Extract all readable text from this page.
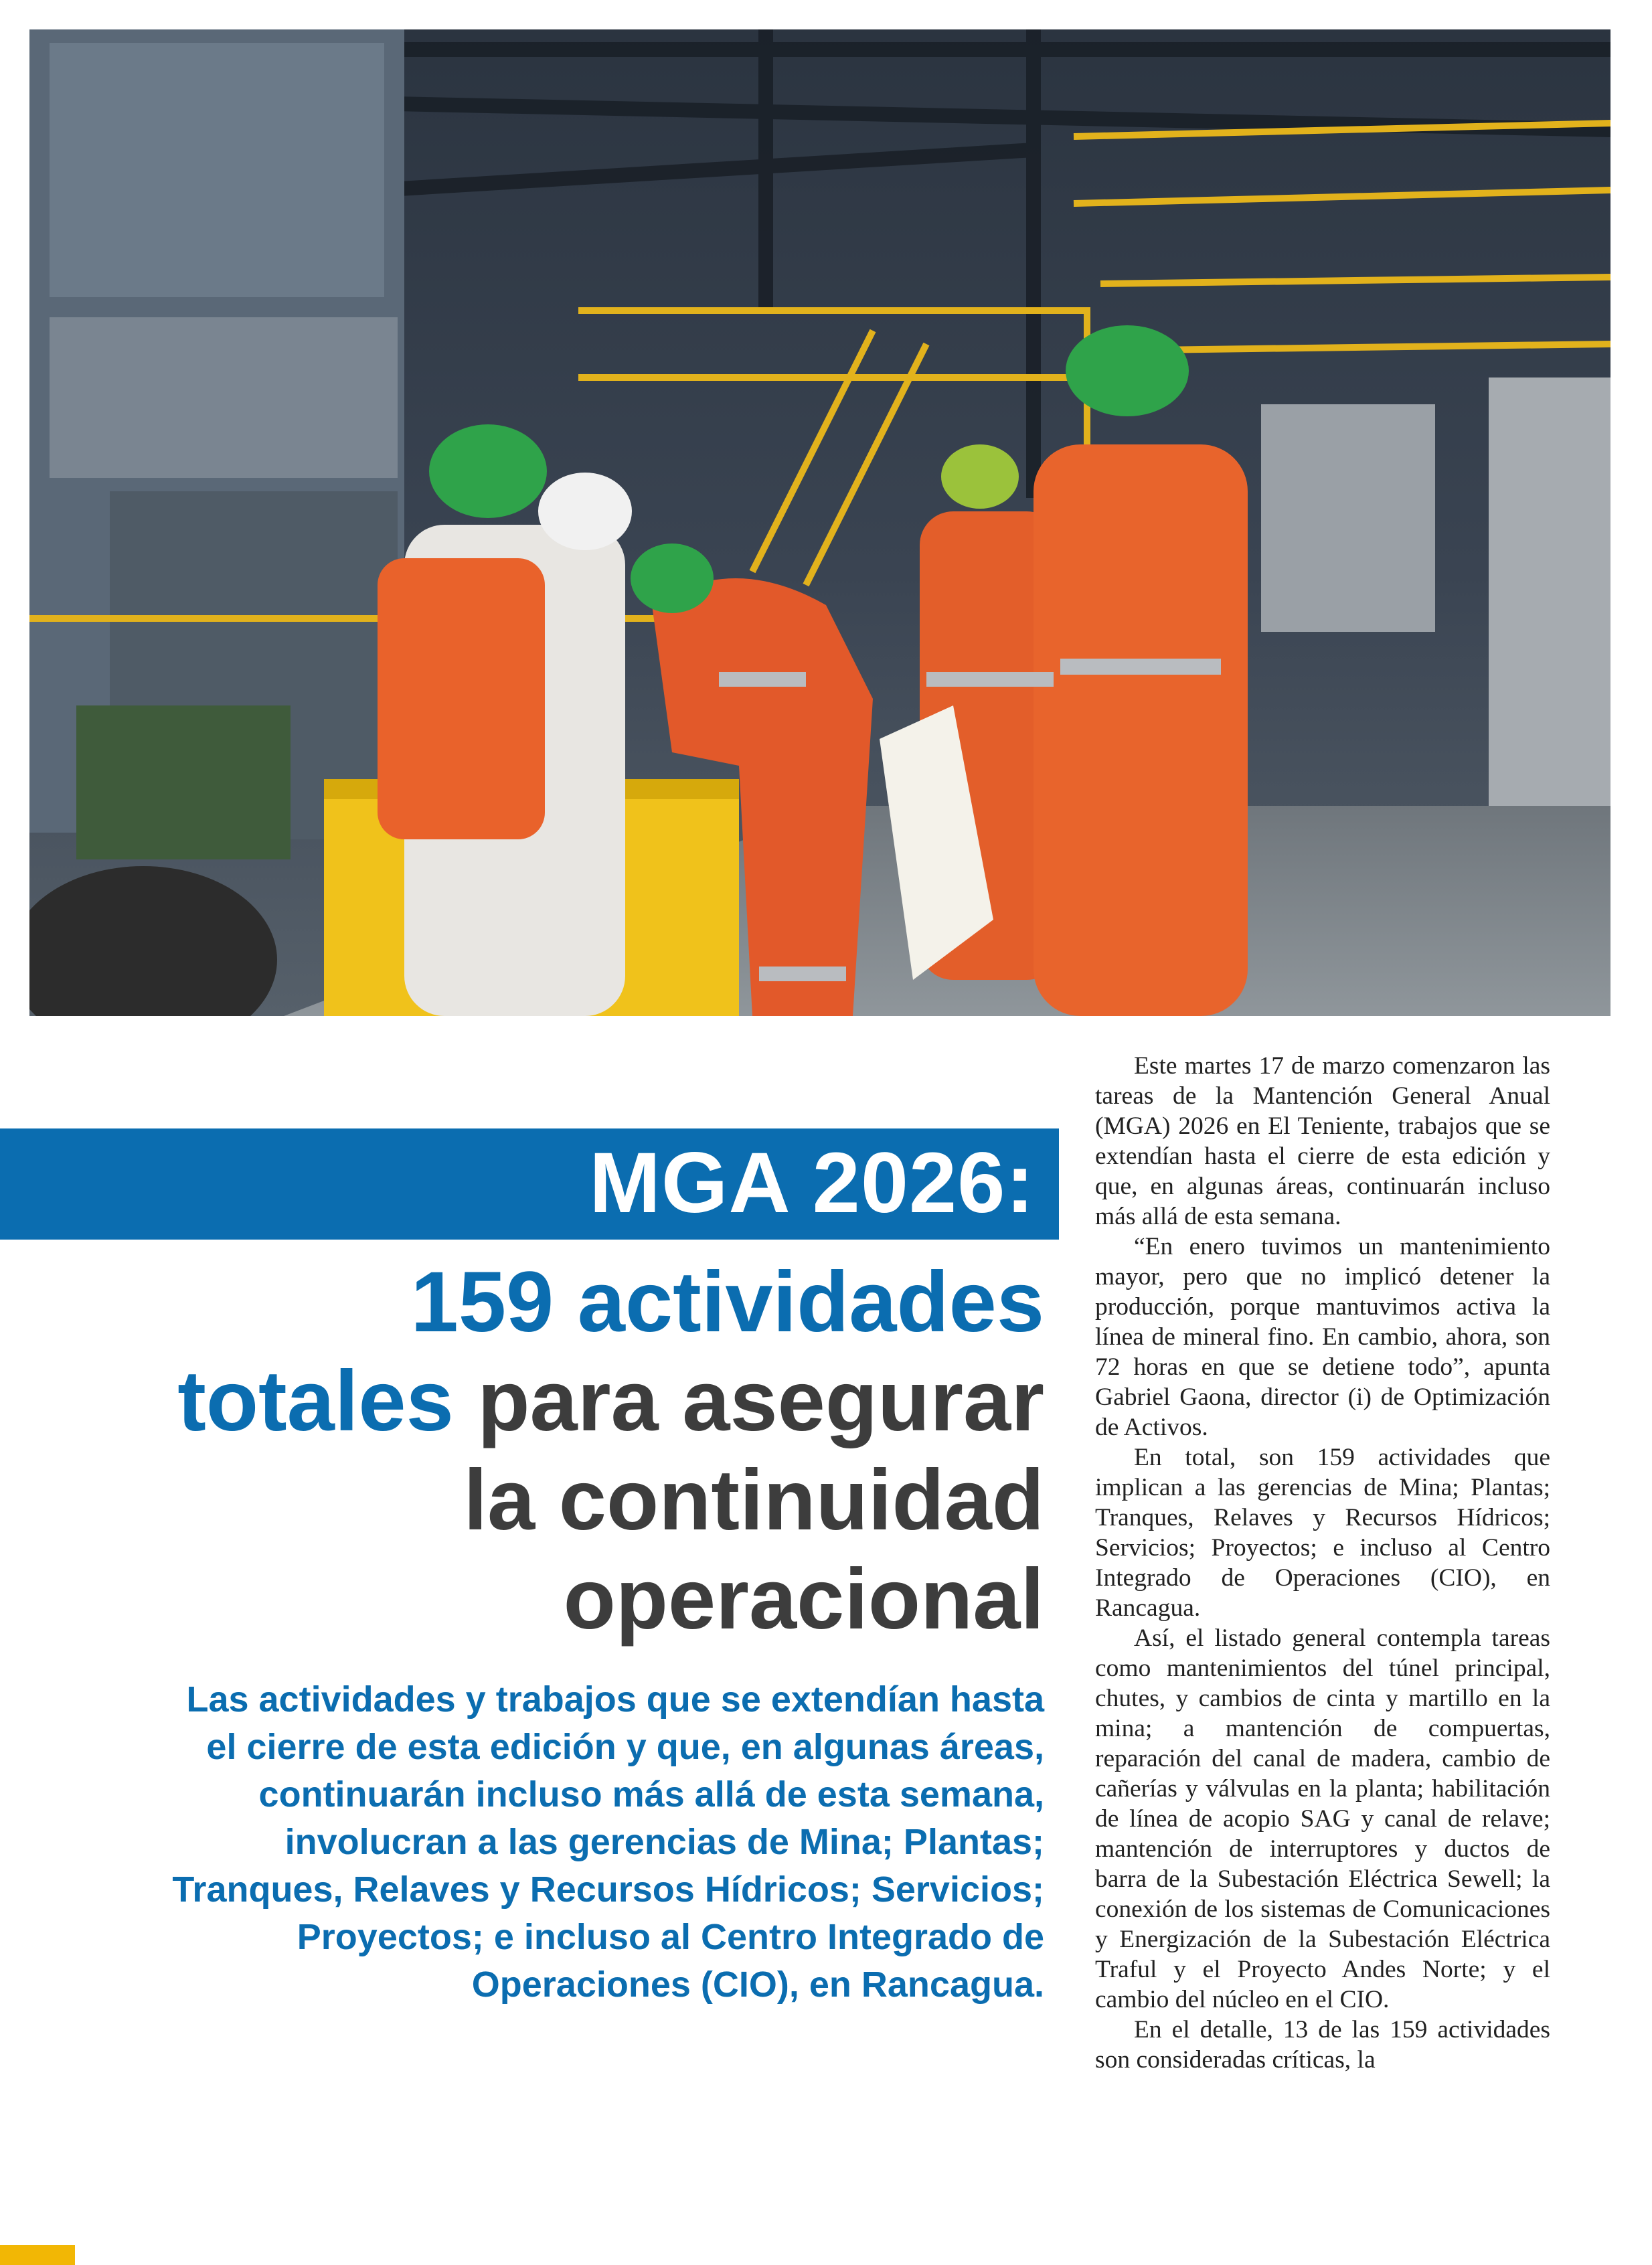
MGA 2026:
159 actividades
totales para asegurar
la continuidad
operacional

Las actividades y trabajos que se extendían hasta el cierre de esta edición y que, en algunas áreas, continuarán incluso más allá de esta semana, involucran a las gerencias de Mina; Plantas; Tranques, Relaves y Recursos Hídricos; Servicios; Proyectos; e incluso al Centro Integrado de Operaciones (CIO), en Rancagua.

Este martes 17 de marzo comenzaron las tareas de la Mantención General Anual (MGA) 2026 en El Teniente, trabajos que se extendían hasta el cierre de esta edición y que, en algunas áreas, continuarán incluso más allá de esta semana.

“En enero tuvimos un mantenimiento mayor, pero que no implicó detener la producción, porque mantuvimos activa la línea de mineral fino. En cambio, ahora, son 72 horas en que se detiene todo”, apunta Gabriel Gaona, director (i) de Optimización de Activos.

En total, son 159 actividades que implican a las gerencias de Mina; Plantas; Tranques, Relaves y Recursos Hídricos; Servicios; Proyectos; e incluso al Centro Integrado de Operaciones (CIO), en Rancagua.

Así, el listado general contempla tareas como mantenimientos del túnel principal, chutes, y cambios de cinta y martillo en la mina; a mantención de compuertas, reparación del canal de madera, cambio de cañerías y válvulas en la planta; habilitación de línea de acopio SAG y canal de relave; mantención de interruptores y ductos de barra de la Subestación Eléctrica Sewell; la conexión de los sistemas de Comunicaciones y Energización de la Subestación Eléctrica Traful y el Proyecto Andes Norte; y el cambio del núcleo en el CIO.

En el detalle, 13 de las 159 actividades son consideradas críticas, la
